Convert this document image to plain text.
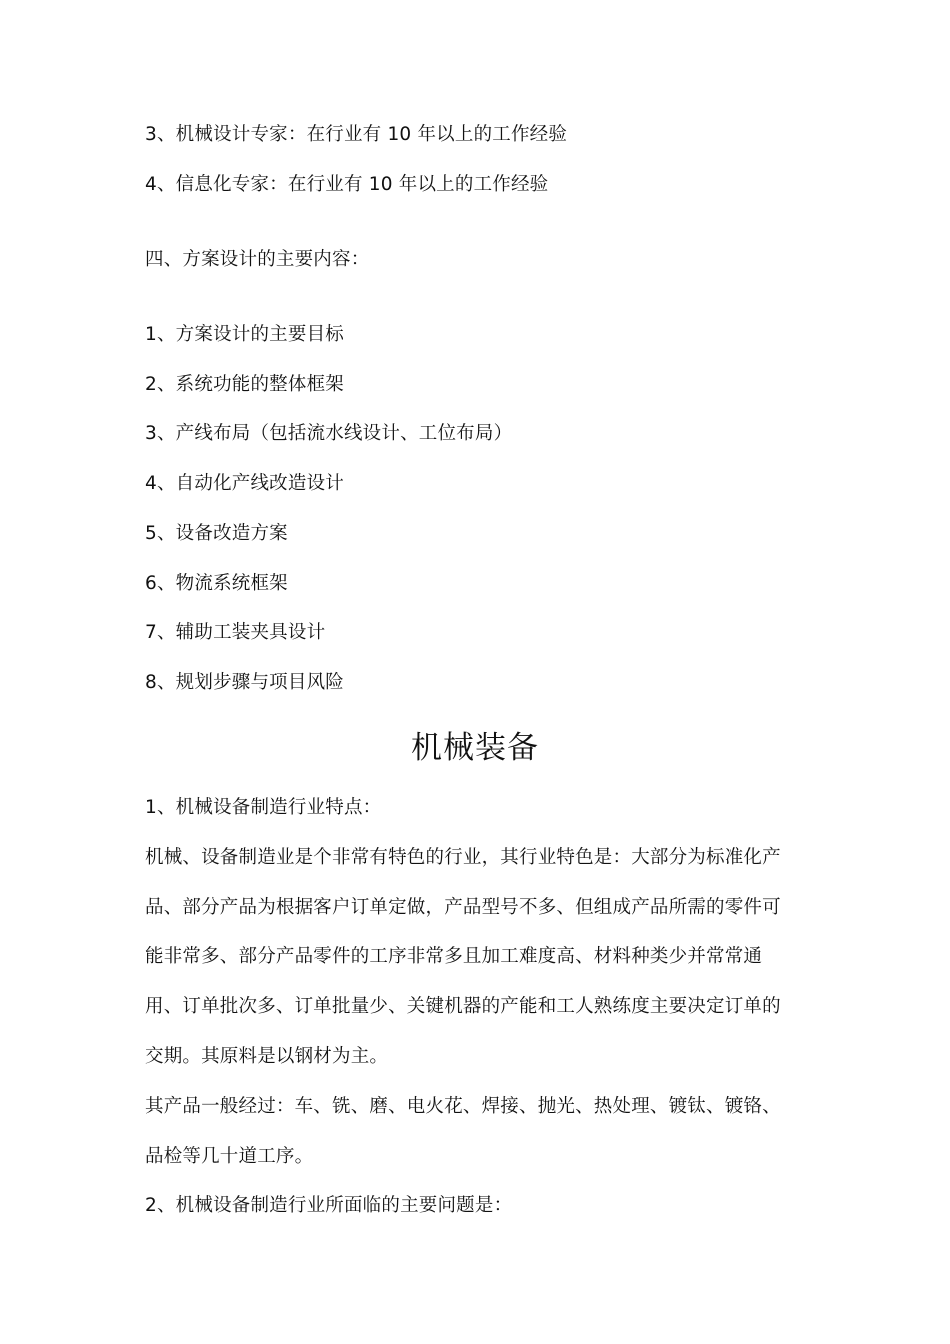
3、机械设计专家：在行业有 10 年以上的工作经验
4、信息化专家：在行业有 10 年以上的工作经验
四、方案设计的主要内容：
1、方案设计的主要目标
2、系统功能的整体框架
3、产线布局（包括流水线设计、工位布局）
4、自动化产线改造设计
5、设备改造方案
6、物流系统框架
7、辅助工装夹具设计
8、规划步骤与项目风险
机械装备
1、机械设备制造行业特点：
机械、设备制造业是个非常有特色的行业，其行业特色是：大部分为标准化产
品、部分产品为根据客户订单定做，产品型号不多、但组成产品所需的零件可
能非常多、部分产品零件的工序非常多且加工难度高、材料种类少并常常通
用、订单批次多、订单批量少、关键机器的产能和工人熟练度主要决定订单的
交期。其原料是以钢材为主。
其产品一般经过：车、铣、磨、电火花、焊接、抛光、热处理、镀钛、镀铬、
品检等几十道工序。
2、机械设备制造行业所面临的主要问题是：
